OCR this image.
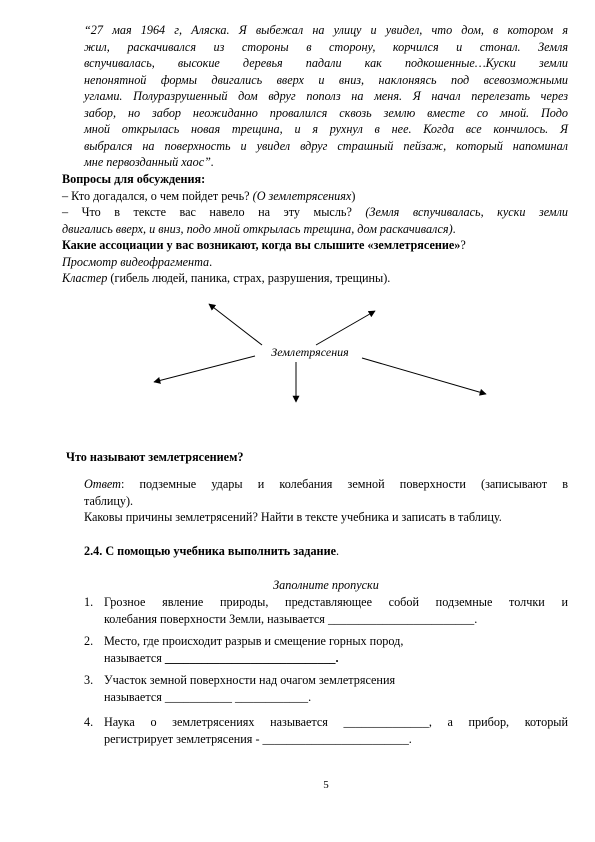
“27 мая 1964 г, Аляска. Я выбежал на улицу и увидел, что дом, в котором я
жил, раскачивался из стороны в сторону, корчился и стонал. Земля
вспучивалась, высокие деревья падали как подкошенные…Куски земли
непонятной формы двигались вверх и вниз, наклоняясь под всевозможными
углами. Полуразрушенный дом вдруг пополз на меня. Я начал перелезать через
забор, но забор неожиданно провалился сквозь землю вместе со мной. Подо
мной открылась новая трещина, и я рухнул в нее. Когда все кончилось. Я
выбрался на поверхность и увидел вдруг страшный пейзаж, который напоминал
мне первозданный хаос”.
Вопросы для обсуждения:
– Кто догадался, о чем пойдет речь? (О землетрясениях)
– Что в тексте вас навело на эту мысль? (Земля вспучивалась, куски земли
двигались вверх, и вниз, подо мной открылась трещина, дом раскачивался).
Какие ассоциации у вас возникают, когда вы слышите «землетрясение»?
Просмотр видеофрагмента.
Кластер (гибель людей, паника, страх, разрушения, трещины).
Землетрясения
Что называют землетрясением?
Ответ: подземные удары и колебания земной поверхности (записывают в
таблицу).
Каковы причины землетрясений? Найти в тексте учебника и записать в таблицу.
2.4. С помощью учебника выполнить задание.
Заполните пропуски
1. Грозное явление природы, представляющее собой подземные толчки и
колебания поверхности Земли, называется ________________________.
2. Место, где происходит разрыв и смещение горных пород,
называется ____________________________.
3. Участок земной поверхности над очагом землетрясения
называется ___________ ____________.
4. Наука о землетрясениях называется ______________, а прибор, который
регистрирует землетрясения - ________________________.
5
